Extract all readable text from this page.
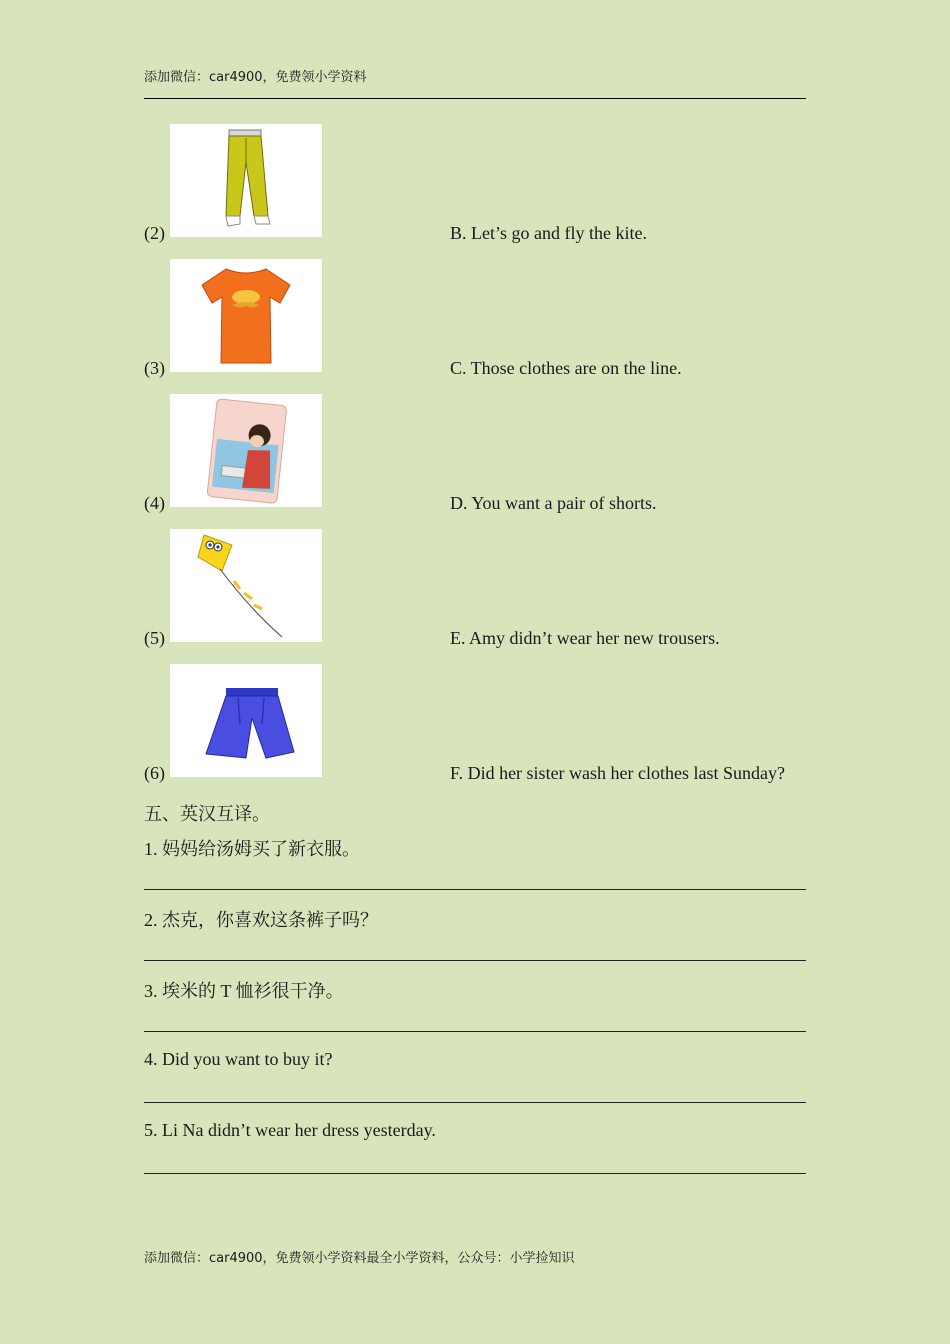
添加微信：car4900，免费领小学资料
(2)	B. Let’s go and fly the kite.
(3)	C. Those clothes are on the line.
(4)	D. You want a pair of shorts.
(5)	E. Amy didn’t wear her new trousers.
(6)	F. Did her sister wash her clothes last Sunday?
五、英汉互译。
1. 妈妈给汤姆买了新衣服。
2. 杰克，你喜欢这条裤子吗？
3. 埃米的 T 恤衫很干净。
4. Did you want to buy it?
5. Li Na didn’t wear her dress yesterday.
添加微信：car4900，免费领小学资料最全小学资料，公众号：小学捡知识
